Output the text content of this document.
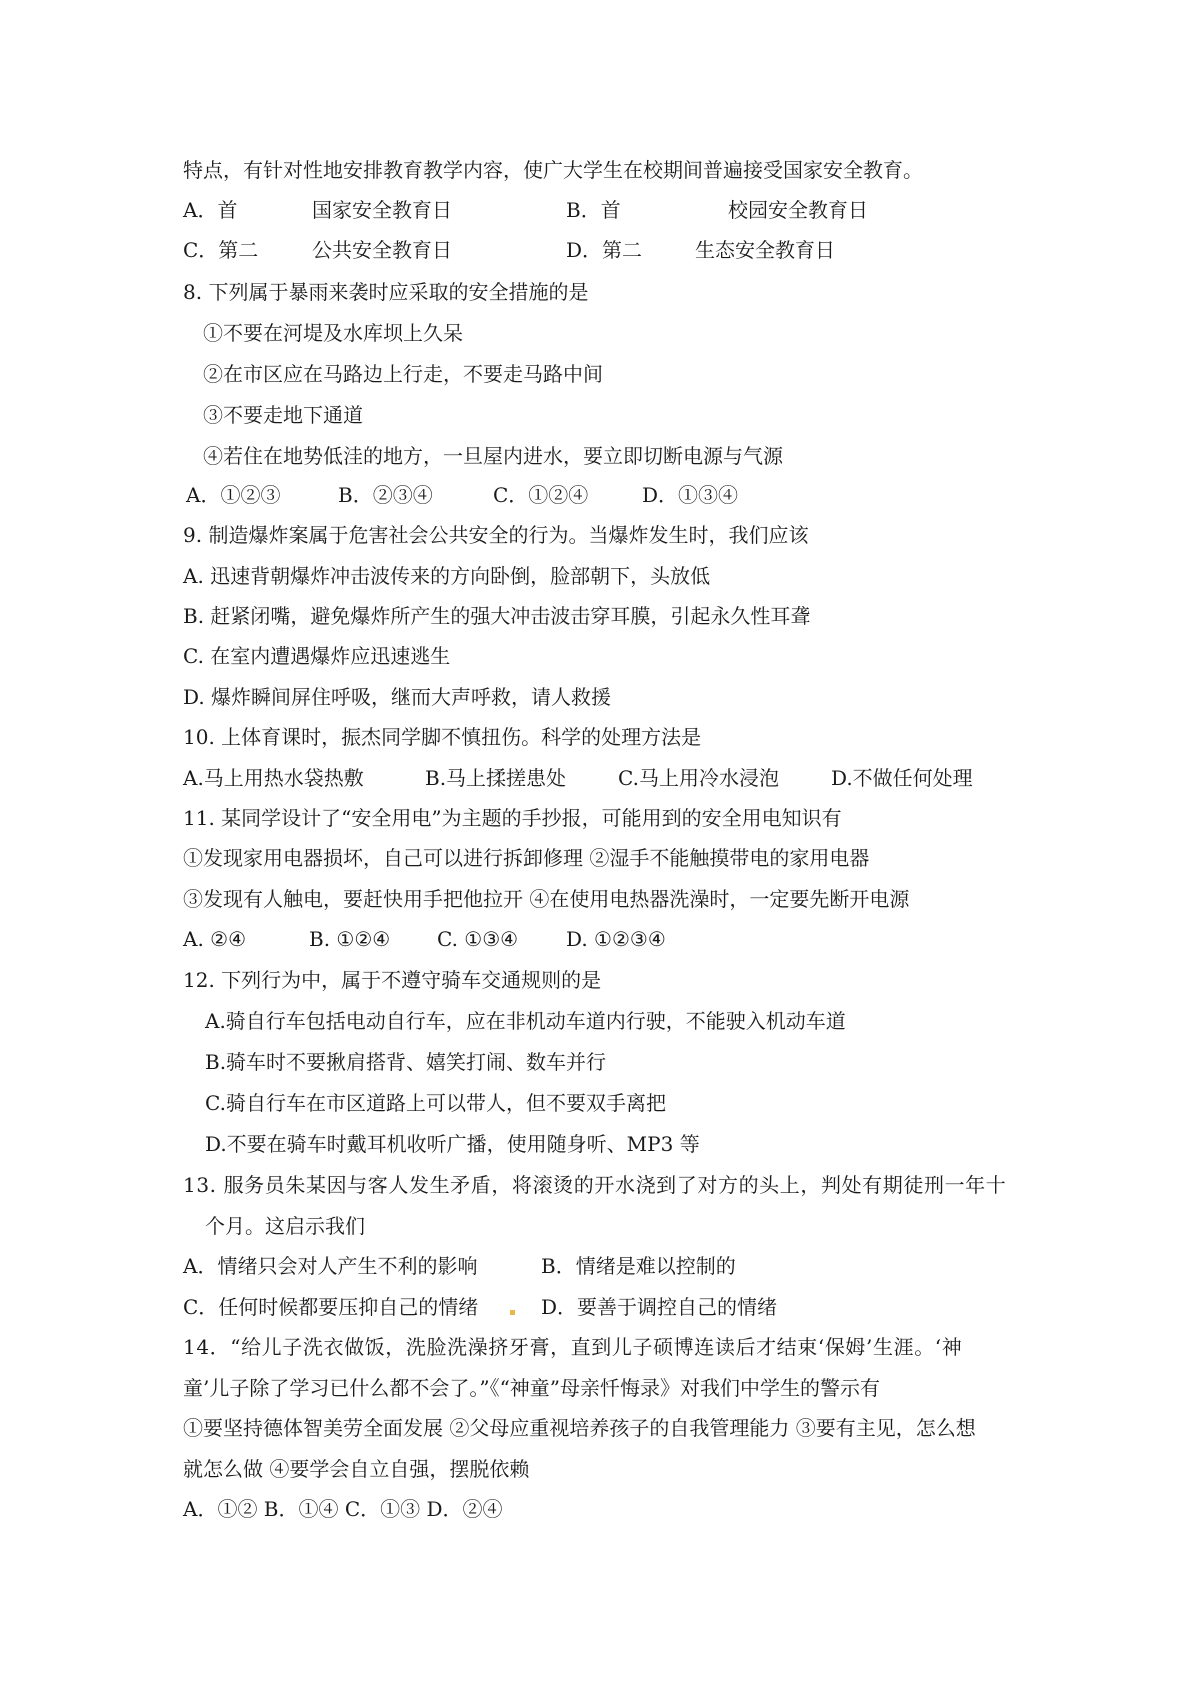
特点，有针对性地安排教育教学内容，使广大学生在校期间普遍接受国家安全教育。
A．首	国家安全教育日	B．首	校园安全教育日
C．第二	公共安全教育日	D．第二	生态安全教育日
8. 下列属于暴雨来袭时应采取的安全措施的是
①不要在河堤及水库坝上久呆
②在市区应在马路边上行走，不要走马路中间
③不要走地下通道
④若住在地势低洼的地方，一旦屋内进水，要立即切断电源与气源
A．①②③	B．②③④	C．①②④	D．①③④
9. 制造爆炸案属于危害社会公共安全的行为。当爆炸发生时，我们应该
A. 迅速背朝爆炸冲击波传来的方向卧倒，脸部朝下，头放低
B. 赶紧闭嘴，避免爆炸所产生的强大冲击波击穿耳膜，引起永久性耳聋
C. 在室内遭遇爆炸应迅速逃生
D. 爆炸瞬间屏住呼吸，继而大声呼救，请人救援
10. 上体育课时，振杰同学脚不慎扭伤。科学的处理方法是
A.马上用热水袋热敷	B.马上揉搓患处	C.马上用冷水浸泡	D.不做任何处理
11. 某同学设计了“安全用电”为主题的手抄报，可能用到的安全用电知识有
①发现家用电器损坏，自己可以进行拆卸修理 ②湿手不能触摸带电的家用电器
③发现有人触电，要赶快用手把他拉开 ④在使用电热器洗澡时，一定要先断开电源
A. ②④	B. ①②④ C. ①③④ D. ①②③④
12. 下列行为中，属于不遵守骑车交通规则的是
A.骑自行车包括电动自行车，应在非机动车道内行驶，不能驶入机动车道
B.骑车时不要揪肩搭背、嬉笑打闹、数车并行
C.骑自行车在市区道路上可以带人，但不要双手离把
D.不要在骑车时戴耳机收听广播，使用随身听、MP3 等
13. 服务员朱某因与客人发生矛盾，将滚烫的开水浇到了对方的头上，判处有期徒刑一年十
个月。这启示我们
A．情绪只会对人产生不利的影响	B．情绪是难以控制的
C．任何时候都要压抑自己的情绪	D．要善于调控自己的情绪
14．“给儿子洗衣做饭，洗脸洗澡挤牙膏，直到儿子硕博连读后才结束‘保姆’生涯。‘神
童’儿子除了学习已什么都不会了。”《“神童”母亲忏悔录》对我们中学生的警示有
①要坚持德体智美劳全面发展 ②父母应重视培养孩子的自我管理能力 ③要有主见，怎么想
就怎么做 ④要学会自立自强，摆脱依赖
A．①② B．①④ C．①③ D．②④
